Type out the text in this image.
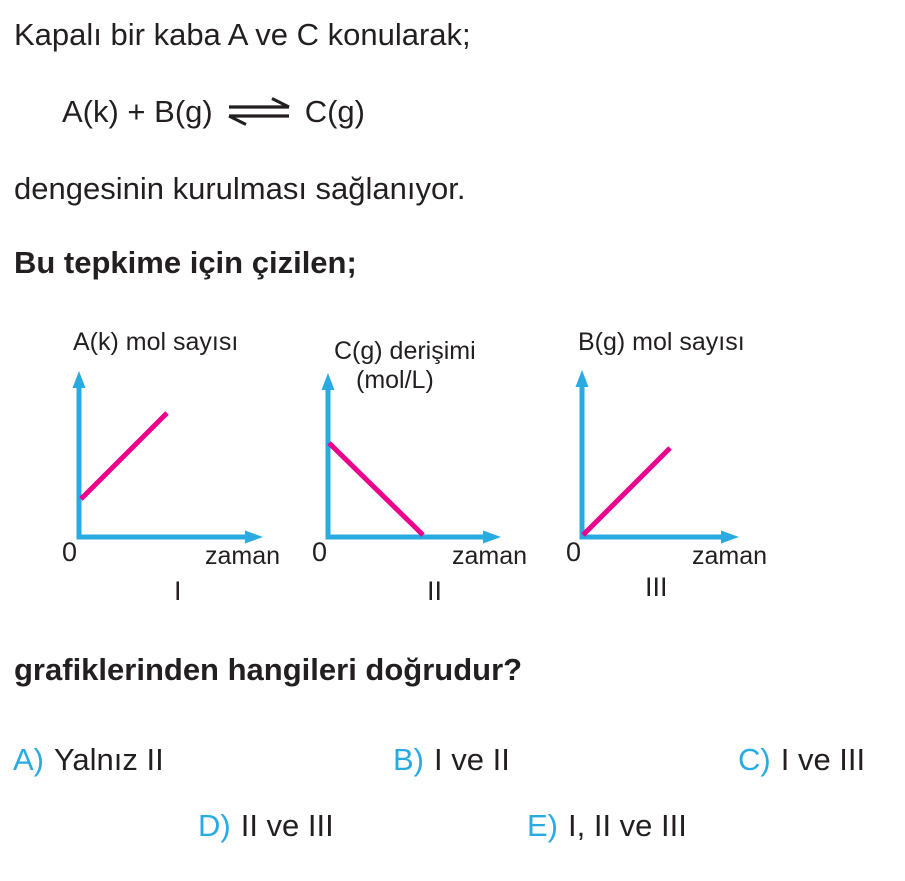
Kapalı bir kaba A ve C konularak;
A(k) + B(g) ⇌ C(g)
dengesinin kurulması sağlanıyor.
Bu tepkime için çizilen;
A(k) mol sayısı
0	zaman
I
C(g) derişimi
(mol/L)
0	zaman
II
B(g) mol sayısı
0	zaman
III
grafiklerinden hangileri doğrudur?
A) Yalnız II	B) I ve II	C) I ve III
D) II ve III	E) I, II ve III
